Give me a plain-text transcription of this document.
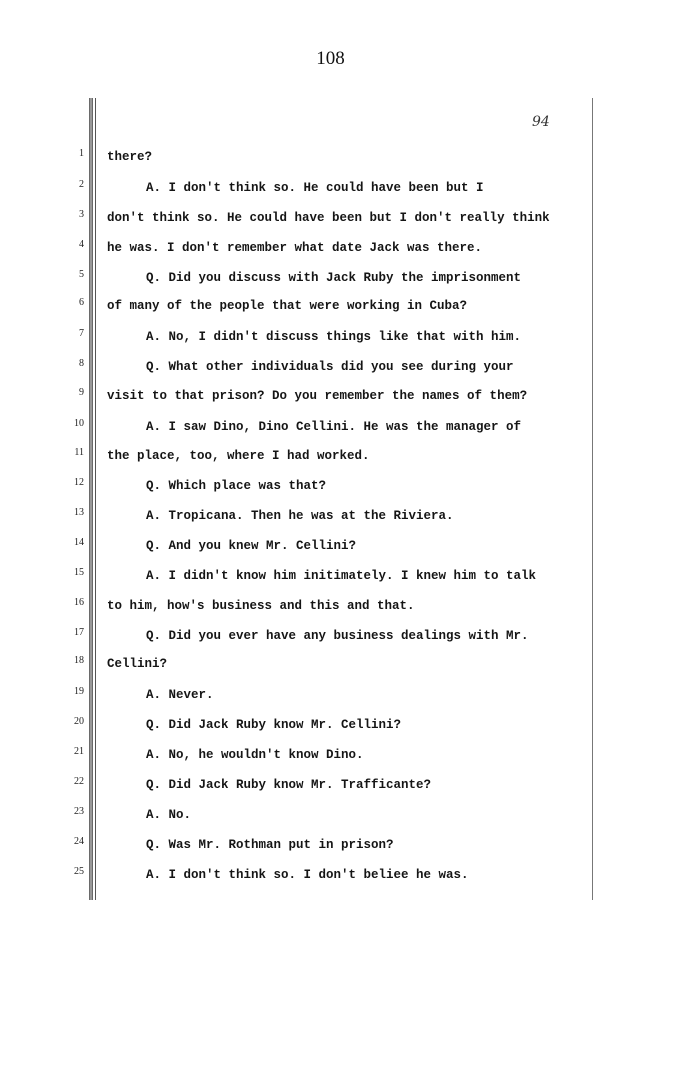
108
94
1
2
3
4
5
6
7
8
9
10
11
12
13
14
15
16
17
18
19
20
21
22
23
24
25
there?
A. I don't think so. He could have been but I
don't think so. He could have been but I don't really think
he was. I don't remember what date Jack was there.
Q. Did you discuss with Jack Ruby the imprisonment
of many of the people that were working in Cuba?
A. No, I didn't discuss things like that with him.
Q. What other individuals did you see during your
visit to that prison? Do you remember the names of them?
A. I saw Dino, Dino Cellini. He was the manager of
the place, too, where I had worked.
Q. Which place was that?
A. Tropicana. Then he was at the Riviera.
Q. And you knew Mr. Cellini?
A. I didn't know him initimately. I knew him to talk
to him, how's business and this and that.
Q. Did you ever have any business dealings with Mr.
Cellini?
A. Never.
Q. Did Jack Ruby know Mr. Cellini?
A. No, he wouldn't know Dino.
Q. Did Jack Ruby know Mr. Trafficante?
A. No.
Q. Was Mr. Rothman put in prison?
A. I don't think so. I don't beliee he was.
